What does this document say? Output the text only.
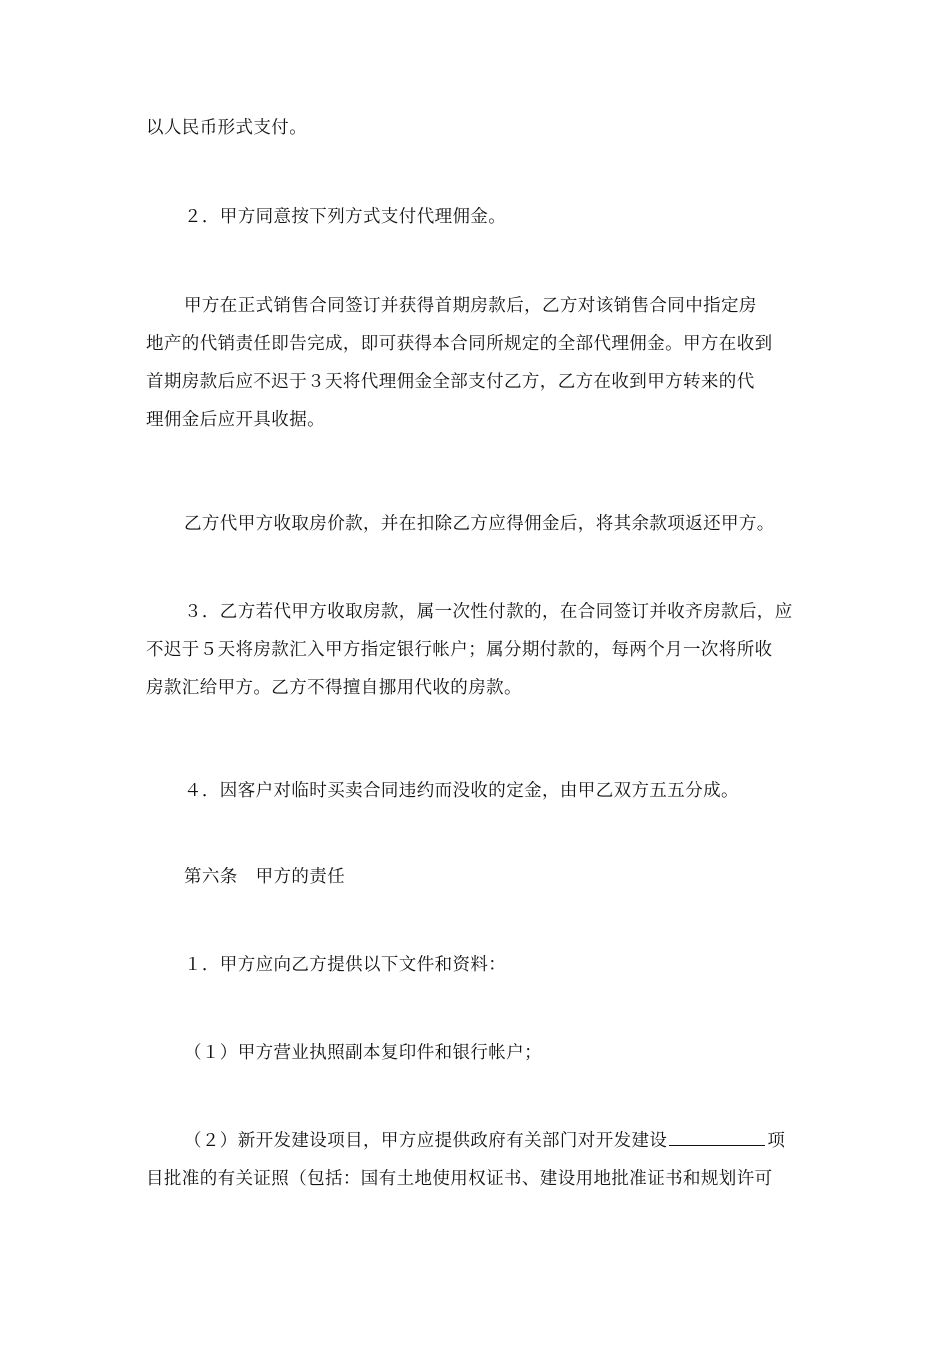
以人民币形式支付。

２．甲方同意按下列方式支付代理佣金。

甲方在正式销售合同签订并获得首期房款后，乙方对该销售合同中指定房
地产的代销责任即告完成，即可获得本合同所规定的全部代理佣金。甲方在收到
首期房款后应不迟于３天将代理佣金全部支付乙方，乙方在收到甲方转来的代
理佣金后应开具收据。

乙方代甲方收取房价款，并在扣除乙方应得佣金后，将其余款项返还甲方。

３．乙方若代甲方收取房款，属一次性付款的，在合同签订并收齐房款后，应
不迟于５天将房款汇入甲方指定银行帐户；属分期付款的，每两个月一次将所收
房款汇给甲方。乙方不得擅自挪用代收的房款。

４．因客户对临时买卖合同违约而没收的定金，由甲乙双方五五分成。

第六条　甲方的责任

１．甲方应向乙方提供以下文件和资料：

（１）甲方营业执照副本复印件和银行帐户；

（２）新开发建设项目，甲方应提供政府有关部门对开发建设	项
目批准的有关证照（包括：国有土地使用权证书、建设用地批准证书和规划许可
